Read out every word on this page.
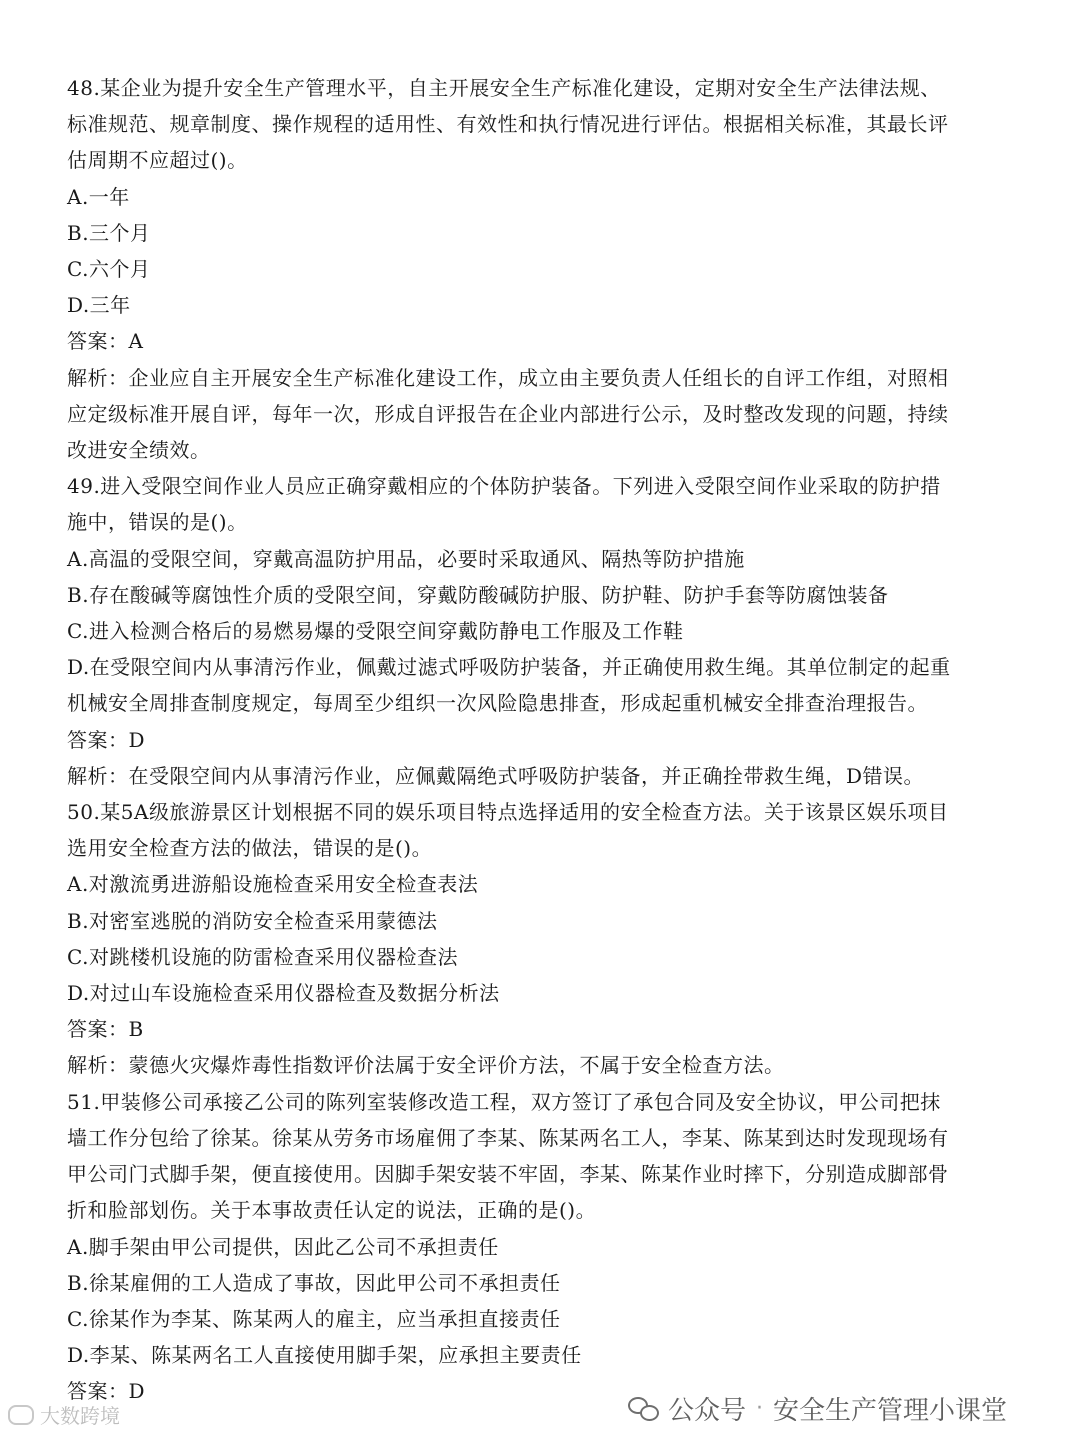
48.某企业为提升安全生产管理水平，自主开展安全生产标准化建设，定期对安全生产法律法规、
标准规范、规章制度、操作规程的适用性、有效性和执行情况进行评估。根据相关标准，其最长评
估周期不应超过()。
A.一年
B.三个月
C.六个月
D.三年
答案：A
解析：企业应自主开展安全生产标准化建设工作，成立由主要负责人任组长的自评工作组，对照相
应定级标准开展自评，每年一次，形成自评报告在企业内部进行公示，及时整改发现的问题，持续
改进安全绩效。
49.进入受限空间作业人员应正确穿戴相应的个体防护装备。下列进入受限空间作业采取的防护措
施中，错误的是()。
A.高温的受限空间，穿戴高温防护用品，必要时采取通风、隔热等防护措施
B.存在酸碱等腐蚀性介质的受限空间，穿戴防酸碱防护服、防护鞋、防护手套等防腐蚀装备
C.进入检测合格后的易燃易爆的受限空间穿戴防静电工作服及工作鞋
D.在受限空间内从事清污作业，佩戴过滤式呼吸防护装备，并正确使用救生绳。其单位制定的起重
机械安全周排查制度规定，每周至少组织一次风险隐患排查，形成起重机械安全排查治理报告。
答案：D
解析：在受限空间内从事清污作业，应佩戴隔绝式呼吸防护装备，并正确拴带救生绳，D错误。
50.某5A级旅游景区计划根据不同的娱乐项目特点选择适用的安全检查方法。关于该景区娱乐项目
选用安全检查方法的做法，错误的是()。
A.对激流勇进游船设施检查采用安全检查表法
B.对密室逃脱的消防安全检查采用蒙德法
C.对跳楼机设施的防雷检查采用仪器检查法
D.对过山车设施检查采用仪器检查及数据分析法
答案：B
解析：蒙德火灾爆炸毒性指数评价法属于安全评价方法，不属于安全检查方法。
51.甲装修公司承接乙公司的陈列室装修改造工程，双方签订了承包合同及安全协议，甲公司把抹
墙工作分包给了徐某。徐某从劳务市场雇佣了李某、陈某两名工人，李某、陈某到达时发现现场有
甲公司门式脚手架，便直接使用。因脚手架安装不牢固，李某、陈某作业时摔下，分别造成脚部骨
折和脸部划伤。关于本事故责任认定的说法，正确的是()。
A.脚手架由甲公司提供，因此乙公司不承担责任
B.徐某雇佣的工人造成了事故，因此甲公司不承担责任
C.徐某作为李某、陈某两人的雇主，应当承担直接责任
D.李某、陈某两名工人直接使用脚手架，应承担主要责任
答案：D
大数跨境	公众号 · 安全生产管理小课堂
